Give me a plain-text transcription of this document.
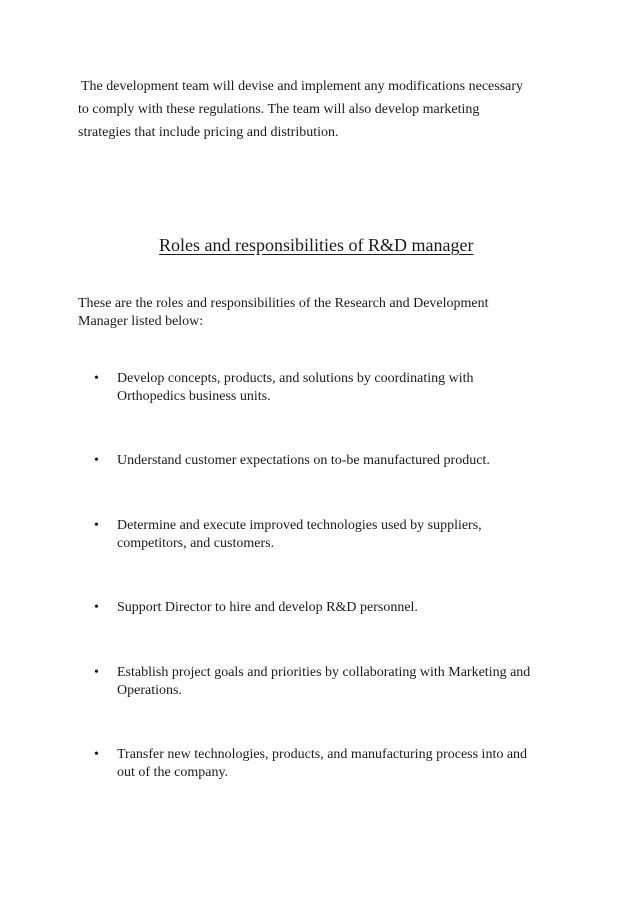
The development team will devise and implement any modifications necessary

to comply with these regulations. The team will also develop marketing

strategies that include pricing and distribution.

Roles and responsibilities of R&D manager

These are the roles and responsibilities of the Research and Development

Manager listed below:

•	Develop concepts, products, and solutions by coordinating with
Orthopedics business units.
•	Understand customer expectations on to-be manufactured product.
•	Determine and execute improved technologies used by suppliers,
competitors, and customers.
•	Support Director to hire and develop R&D personnel.
•	Establish project goals and priorities by collaborating with Marketing and
Operations.
•	Transfer new technologies, products, and manufacturing process into and
out of the company.
